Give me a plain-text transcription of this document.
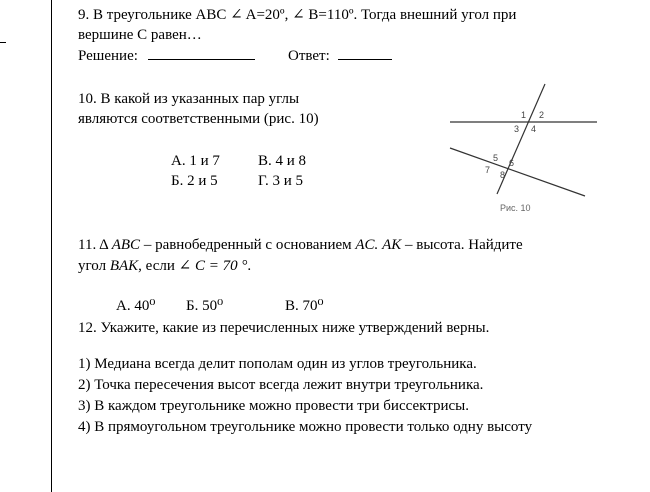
9. В треугольнике ABC ∠ A=20º, ∠ B=110º. Тогда внешний угол при
вершине С равен…
Решение:	Ответ:
10. В какой из указанных пар углы
являются соответственными (рис. 10)
А. 1 и 7	В. 4 и 8
Б. 2 и 5	Г. 3 и 5
1 2
3 4
5 6
7 8
Рис. 10
11. Δ ABC – равнобедренный с основанием AC. AK – высота. Найдите
угол BAK, если ∠ C = 70 °.
А. 40⁰ Б. 50⁰	В. 70⁰
12. Укажите, какие из перечисленных ниже утверждений верны.
1) Медиана всегда делит пополам один из углов треугольника.
2) Точка пересечения высот всегда лежит внутри треугольника.
3) В каждом треугольнике можно провести три биссектрисы.
4) В прямоугольном треугольнике можно провести только одну высоту
